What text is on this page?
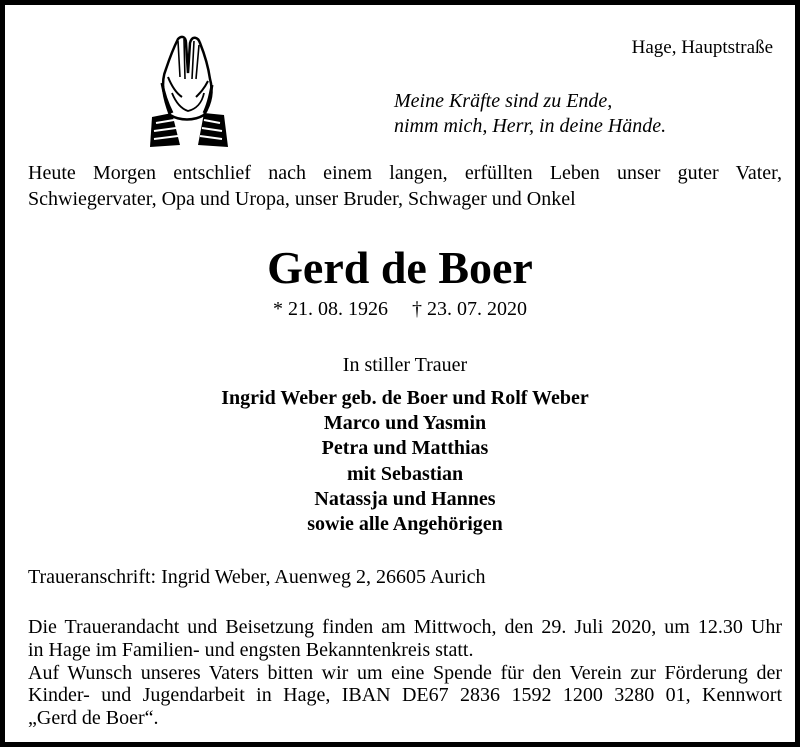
Hage, Hauptstraße
Meine Kräfte sind zu Ende,
nimm mich, Herr, in deine Hände.
Heute Morgen entschlief nach einem langen, erfüllten Leben unser guter Vater,
Schwiegervater, Opa und Uropa, unser Bruder, Schwager und Onkel
Gerd de Boer
* 21. 08. 1926 † 23. 07. 2020
In stiller Trauer
Ingrid Weber geb. de Boer und Rolf Weber
Marco und Yasmin
Petra und Matthias
mit Sebastian
Natassja und Hannes
sowie alle Angehörigen
Traueranschrift: Ingrid Weber, Auenweg 2, 26605 Aurich
Die Trauerandacht und Beisetzung finden am Mittwoch, den 29. Juli 2020, um 12.30 Uhr
in Hage im Familien- und engsten Bekanntenkreis statt.
Auf Wunsch unseres Vaters bitten wir um eine Spende für den Verein zur Förderung der
Kinder- und Jugendarbeit in Hage, IBAN DE67 2836 1592 1200 3280 01, Kennwort
„Gerd de Boer“.
